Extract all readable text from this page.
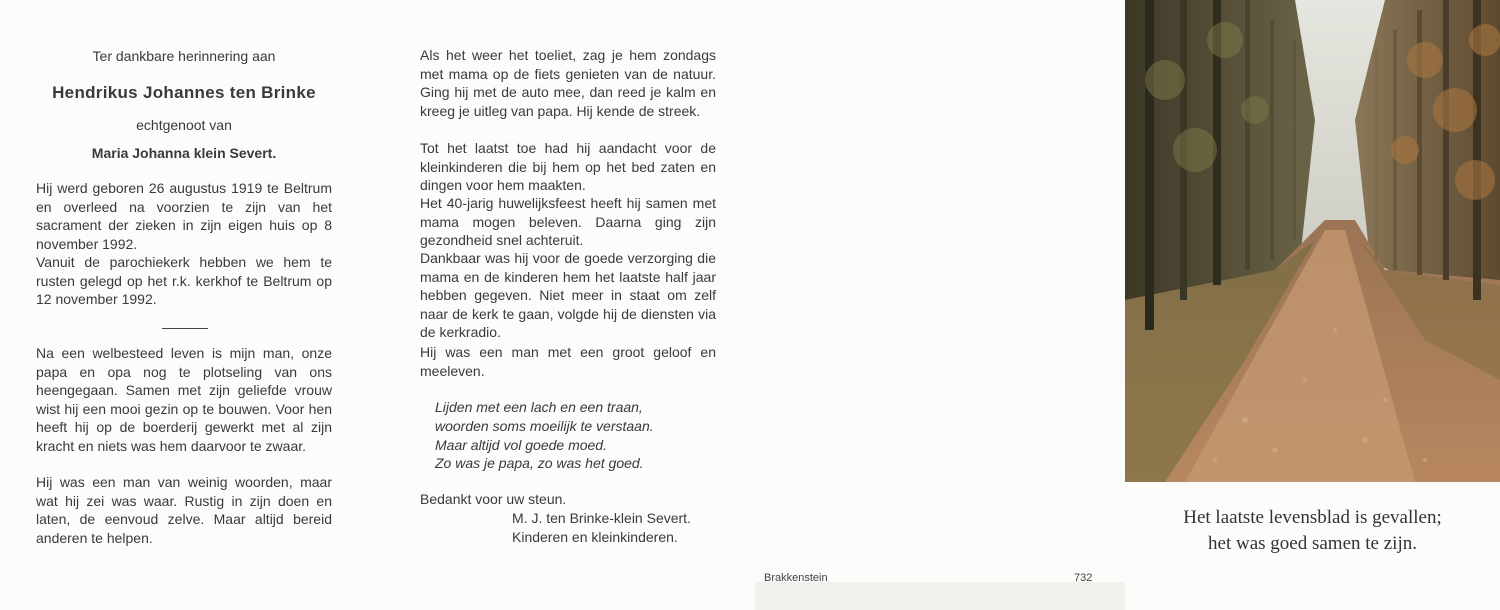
Ter dankbare herinnering aan
Hendrikus Johannes ten Brinke
echtgenoot van
Maria Johanna klein Severt.

Hij werd geboren 26 augustus 1919 te Beltrum en overleed na voorzien te zijn van het sacrament der zieken in zijn eigen huis op 8 november 1992.

Vanuit de parochiekerk hebben we hem te rusten gelegd op het r.k. kerkhof te Beltrum op 12 november 1992.

Na een welbesteed leven is mijn man, onze papa en opa nog te plotseling van ons heengegaan. Samen met zijn geliefde vrouw wist hij een mooi gezin op te bouwen. Voor hen heeft hij op de boerderij gewerkt met al zijn kracht en niets was hem daarvoor te zwaar.

Hij was een man van weinig woorden, maar wat hij zei was waar. Rustig in zijn doen en laten, de eenvoud zelve. Maar altijd bereid anderen te helpen.

Als het weer het toeliet, zag je hem zondags met mama op de fiets genieten van de natuur. Ging hij met de auto mee, dan reed je kalm en kreeg je uitleg van papa. Hij kende de streek.

Tot het laatst toe had hij aandacht voor de kleinkinderen die bij hem op het bed zaten en dingen voor hem maakten.

Het 40-jarig huwelijksfeest heeft hij samen met mama mogen beleven. Daarna ging zijn gezondheid snel achteruit.

Dankbaar was hij voor de goede verzorging die mama en de kinderen hem het laatste half jaar hebben gegeven. Niet meer in staat om zelf naar de kerk te gaan, volgde hij de diensten via de kerkradio.

Hij was een man met een groot geloof en meeleven.

Lijden met een lach en een traan,
woorden soms moeilijk te verstaan.
Maar altijd vol goede moed.
Zo was je papa, zo was het goed.
Bedankt voor uw steun.
M. J. ten Brinke-klein Severt.
Kinderen en kleinkinderen.
Brakkenstein	732
Het laatste levensblad is gevallen;
het was goed samen te zijn.
